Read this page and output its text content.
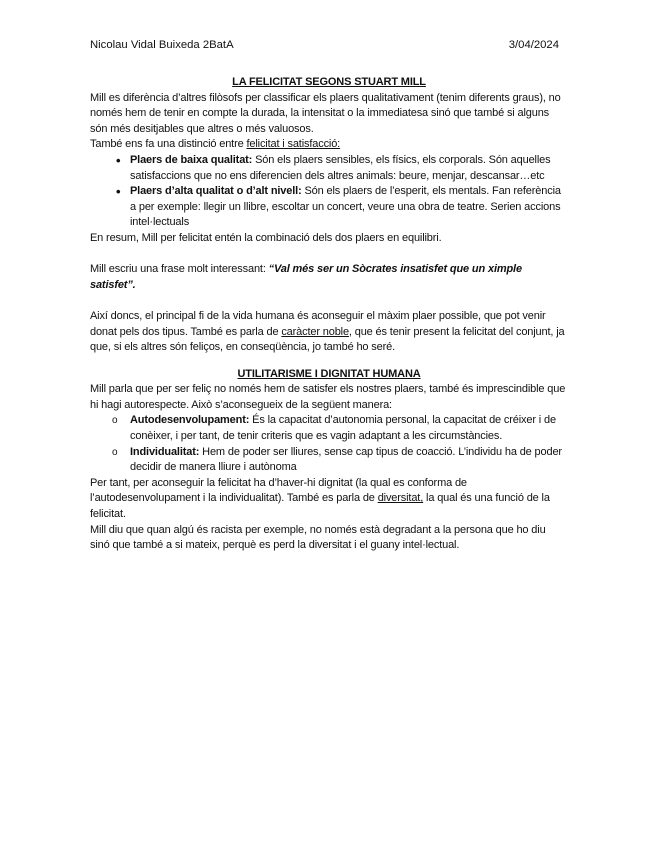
Nicolau Vidal Buixeda 2BatA	3/04/2024

LA FELICITAT SEGONS STUART MILL

Mill es diferència d’altres filòsofs per classificar els plaers qualitativament (tenim diferents graus), no només hem de tenir en compte la durada, la intensitat o la immediatesa sinó que també si alguns són més desitjables que altres o més valuosos.

També ens fa una distinció entre felicitat i satisfacció:

•
Plaers de baixa qualitat: Són els plaers sensibles, els físics, els corporals. Són aquelles satisfaccions que no ens diferencien dels altres animals: beure, menjar, descansar…etc
•
Plaers d’alta qualitat o d’alt nivell: Són els plaers de l’esperit, els mentals. Fan referència a per exemple: llegir un llibre, escoltar un concert, veure una obra de teatre. Serien accions intel·lectuals

En resum, Mill per felicitat entén la combinació dels dos plaers en equilibri.

Mill escriu una frase molt interessant: “Val més ser un Sòcrates insatisfet que un ximple satisfet”.

Així doncs, el principal fi de la vida humana és aconseguir el màxim plaer possible, que pot venir donat pels dos tipus. També es parla de caràcter noble, que és tenir present la felicitat del conjunt, ja que, si els altres són feliços, en conseqüència, jo també ho seré.

UTILITARISME I DIGNITAT HUMANA

Mill parla que per ser feliç no només hem de satisfer els nostres plaers, també és imprescindible que hi hagi autorespecte. Això s’aconsegueix de la següent manera:

o	Autodesenvolupament: És la capacitat d’autonomia personal, la capacitat de créixer i de conèixer, i per tant, de tenir criteris que es vagin adaptant a les circumstàncies.
o	Individualitat: Hem de poder ser lliures, sense cap tipus de coacció. L’individu ha de poder decidir de manera lliure i autònoma

Per tant, per aconseguir la felicitat ha d’haver-hi dignitat (la qual es conforma de l’autodesenvolupament i la individualitat). També es parla de diversitat, la qual és una funció de la felicitat.

Mill diu que quan algú és racista per exemple, no només està degradant a la persona que ho diu sinó que també a si mateix, perquè es perd la diversitat i el guany intel·lectual.
